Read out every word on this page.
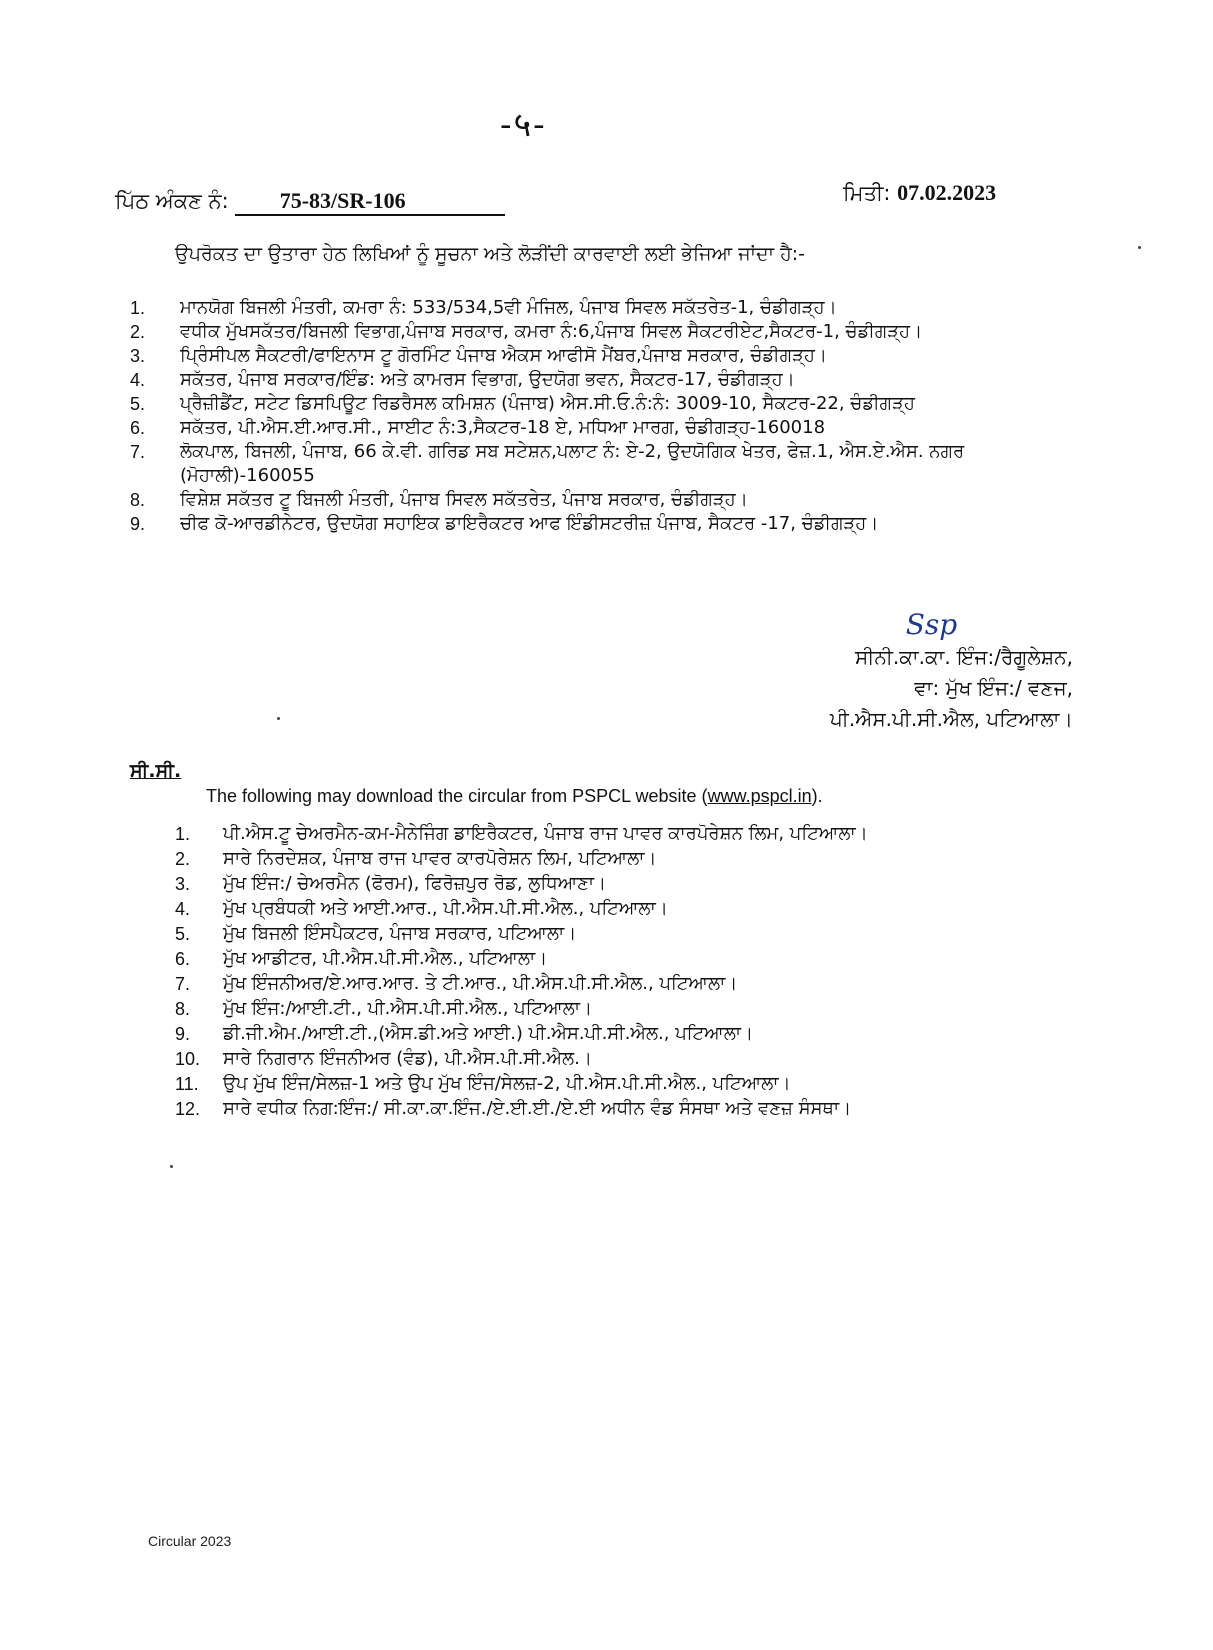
-५-
ਪਿੱਠ ਅੰਕਣ ਨੰ: 75-83/SR-106	ਮਿਤੀ: 07.02.2023
ਉਪਰੋਕਤ ਦਾ ਉਤਾਰਾ ਹੇਠ ਲਿਖਿਆਂ ਨੂੰ ਸੂਚਨਾ ਅਤੇ ਲੋੜੀਂਦੀ ਕਾਰਵਾਈ ਲਈ ਭੇਜਿਆ ਜਾਂਦਾ ਹੈ:-
1. ਮਾਨਯੋਗ ਬਿਜਲੀ ਮੰਤਰੀ, ਕਮਰਾ ਨੰ: 533/534,5ਵੀ ਮੰਜਿਲ, ਪੰਜਾਬ ਸਿਵਲ ਸਕੱਤਰੇਤ-1, ਚੰਡੀਗੜ੍ਹ।
2. ਵਧੀਕ ਮੁੱਖਸਕੱਤਰ/ਬਿਜਲੀ ਵਿਭਾਗ,ਪੰਜਾਬ ਸਰਕਾਰ, ਕਮਰਾ ਨੰ:6,ਪੰਜਾਬ ਸਿਵਲ ਸੈਕਟਰੀਏਟ,ਸੈਕਟਰ-1, ਚੰਡੀਗੜ੍ਹ।
3. ਪ੍ਰਿੰਸੀਪਲ ਸੈਕਟਰੀ/ਫਾਇਨਾਸ ਟੂ ਗੋਰਮਿੰਟ ਪੰਜਾਬ ਐਕਸ ਆਫੀਸੋ ਮੈਂਬਰ,ਪੰਜਾਬ ਸਰਕਾਰ, ਚੰਡੀਗੜ੍ਹ।
4. ਸਕੱਤਰ, ਪੰਜਾਬ ਸਰਕਾਰ/ਇੰਡ: ਅਤੇ ਕਾਮਰਸ ਵਿਭਾਗ, ਉਦਯੋਗ ਭਵਨ, ਸੈਕਟਰ-17, ਚੰਡੀਗੜ੍ਹ।
5. ਪ੍ਰੈਜ਼ੀਡੈਂਟ, ਸਟੇਟ ਡਿਸਪਿਊਟ ਰਿਡਰੈਸਲ ਕਮਿਸ਼ਨ (ਪੰਜਾਬ) ਐਸ.ਸੀ.ਓ.ਨੰ:ਨੰ: 3009-10, ਸੈਕਟਰ-22, ਚੰਡੀਗੜ੍ਹ
6. ਸਕੱਤਰ, ਪੀ.ਐਸ.ਈ.ਆਰ.ਸੀ., ਸਾਈਟ ਨੰ:3,ਸੈਕਟਰ-18 ਏ, ਮਧਿਆ ਮਾਰਗ, ਚੰਡੀਗੜ੍ਹ-160018
7. ਲੋਕਪਾਲ, ਬਿਜਲੀ, ਪੰਜਾਬ, 66 ਕੇ.ਵੀ. ਗਰਿਡ ਸਬ ਸਟੇਸ਼ਨ,ਪਲਾਟ ਨੰ: ਏ-2, ਉਦਯੋਗਿਕ ਖੇਤਰ, ਫੇਜ਼.1, ਐਸ.ਏ.ਐਸ. ਨਗਰ (ਮੋਹਾਲੀ)-160055
8. ਵਿਸ਼ੇਸ਼ ਸਕੱਤਰ ਟੂ ਬਿਜਲੀ ਮੰਤਰੀ, ਪੰਜਾਬ ਸਿਵਲ ਸਕੱਤਰੇਤ, ਪੰਜਾਬ ਸਰਕਾਰ, ਚੰਡੀਗੜ੍ਹ।
9. ਚੀਫ ਕੋ-ਆਰਡੀਨੇਟਰ, ਉਦਯੋਗ ਸਹਾਇਕ ਡਾਇਰੈਕਟਰ ਆਫ ਇੰਡੀਸਟਰੀਜ਼ ਪੰਜਾਬ, ਸੈਕਟਰ -17, ਚੰਡੀਗੜ੍ਹ।
Ssp
ਸੀਨੀ.ਕਾ.ਕਾ. ਇੰਜ:/ਰੈਗੂਲੇਸ਼ਨ,
ਵਾ: ਮੁੱਖ ਇੰਜ:/ ਵਣਜ,
ਪੀ.ਐਸ.ਪੀ.ਸੀ.ਐਲ, ਪਟਿਆਲਾ।
ਸੀ.ਸੀ.
The following may download the circular from PSPCL website (www.pspcl.in).
1. ਪੀ.ਐਸ.ਟੂ ਚੇਅਰਮੈਨ-ਕਮ-ਮੈਨੇਜਿੰਗ ਡਾਇਰੈਕਟਰ, ਪੰਜਾਬ ਰਾਜ ਪਾਵਰ ਕਾਰਪੋਰੇਸ਼ਨ ਲਿਮ, ਪਟਿਆਲਾ।
2. ਸਾਰੇ ਨਿਰਦੇਸ਼ਕ, ਪੰਜਾਬ ਰਾਜ ਪਾਵਰ ਕਾਰਪੋਰੇਸ਼ਨ ਲਿਮ, ਪਟਿਆਲਾ।
3. ਮੁੱਖ ਇੰਜ:/ ਚੇਅਰਮੈਨ (ਫੋਰਮ), ਫਿਰੋਜ਼ਪੁਰ ਰੋਡ, ਲੁਧਿਆਣਾ।
4. ਮੁੱਖ ਪ੍ਰਬੰਧਕੀ ਅਤੇ ਆਈ.ਆਰ., ਪੀ.ਐਸ.ਪੀ.ਸੀ.ਐਲ., ਪਟਿਆਲਾ।
5. ਮੁੱਖ ਬਿਜਲੀ ਇੰਸਪੈਕਟਰ, ਪੰਜਾਬ ਸਰਕਾਰ, ਪਟਿਆਲਾ।
6. ਮੁੱਖ ਆਡੀਟਰ, ਪੀ.ਐਸ.ਪੀ.ਸੀ.ਐਲ., ਪਟਿਆਲਾ।
7. ਮੁੱਖ ਇੰਜਨੀਅਰ/ਏ.ਆਰ.ਆਰ. ਤੇ ਟੀ.ਆਰ., ਪੀ.ਐਸ.ਪੀ.ਸੀ.ਐਲ., ਪਟਿਆਲਾ।
8. ਮੁੱਖ ਇੰਜ:/ਆਈ.ਟੀ., ਪੀ.ਐਸ.ਪੀ.ਸੀ.ਐਲ., ਪਟਿਆਲਾ।
9. ਡੀ.ਜੀ.ਐਮ./ਆਈ.ਟੀ.,(ਐਸ.ਡੀ.ਅਤੇ ਆਈ.) ਪੀ.ਐਸ.ਪੀ.ਸੀ.ਐਲ., ਪਟਿਆਲਾ।
10. ਸਾਰੇ ਨਿਗਰਾਨ ਇੰਜਨੀਅਰ (ਵੰਡ), ਪੀ.ਐਸ.ਪੀ.ਸੀ.ਐਲ.।
11. ਉਪ ਮੁੱਖ ਇੰਜ/ਸੇਲਜ਼-1 ਅਤੇ ਉਪ ਮੁੱਖ ਇੰਜ/ਸੇਲਜ਼-2, ਪੀ.ਐਸ.ਪੀ.ਸੀ.ਐਲ., ਪਟਿਆਲਾ।
12. ਸਾਰੇ ਵਧੀਕ ਨਿਗ:ਇੰਜ:/ ਸੀ.ਕਾ.ਕਾ.ਇੰਜ./ਏ.ਈ.ਈ./ਏ.ਈ ਅਧੀਨ ਵੰਡ ਸੰਸਥਾ ਅਤੇ ਵਣਜ਼ ਸੰਸਥਾ।
Circular 2023
